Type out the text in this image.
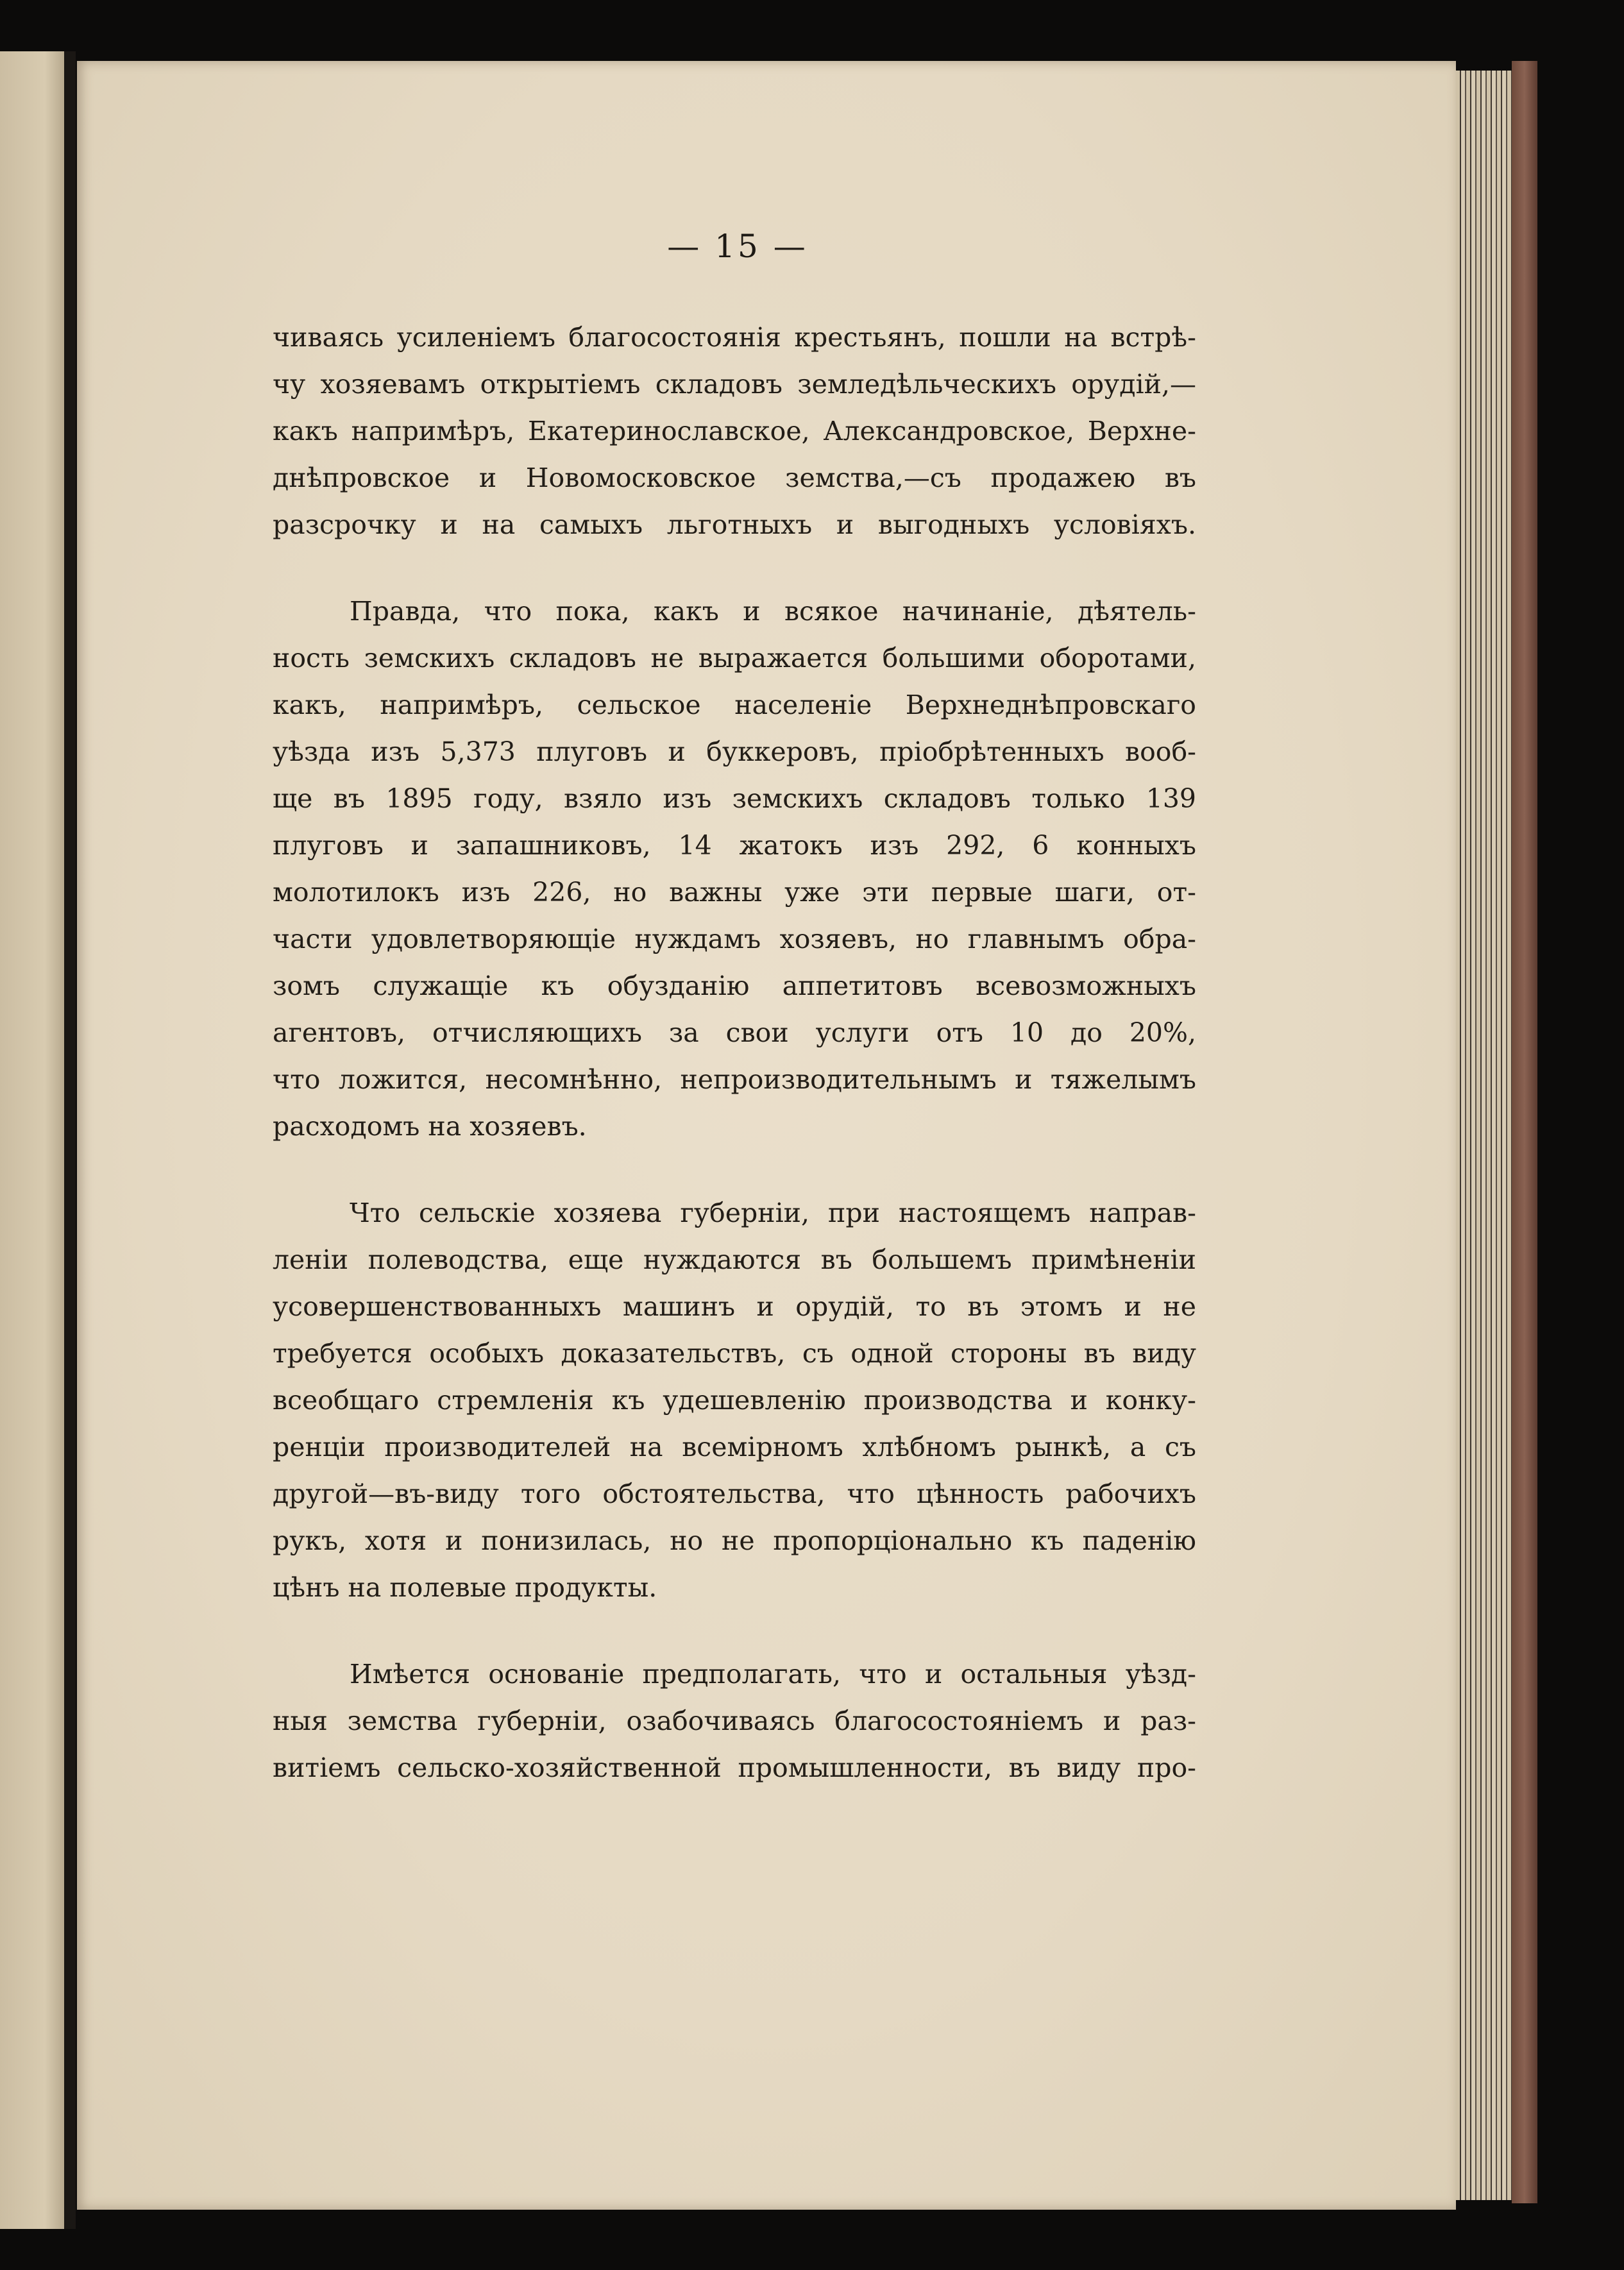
— 15 —
чиваясь усиленіемъ благосостоянія крестьянъ, пошли на встрѣ-
чу хозяевамъ открытіемъ складовъ земледѣльческихъ орудій,—
какъ напримѣръ, Екатеринославское, Александровское, Верхне-
днѣпровское и Новомосковское земства,—съ продажею въ
разсрочку и на самыхъ льготныхъ и выгодныхъ условіяхъ.
Правда, что пока, какъ и всякое начинаніе, дѣятель-
ность земскихъ складовъ не выражается большими оборотами,
какъ, напримѣръ, сельское населеніе Верхнеднѣпровскаго
уѣзда изъ 5,373 плуговъ и буккеровъ, пріобрѣтенныхъ вооб-
ще въ 1895 году, взяло изъ земскихъ складовъ только 139
плуговъ и запашниковъ, 14 жатокъ изъ 292, 6 конныхъ
молотилокъ изъ 226, но важны уже эти первые шаги, от-
части удовлетворяющіе нуждамъ хозяевъ, но главнымъ обра-
зомъ служащіе къ обузданію аппетитовъ всевозможныхъ
агентовъ, отчисляющихъ за свои услуги отъ 10 до 20%,
что ложится, несомнѣнно, непроизводительнымъ и тяжелымъ
расходомъ на хозяевъ.
Что сельскіе хозяева губерніи, при настоящемъ направ-
леніи полеводства, еще нуждаются въ большемъ примѣненіи
усовершенствованныхъ машинъ и орудій, то въ этомъ и не
требуется особыхъ доказательствъ, съ одной стороны въ виду
всеобщаго стремленія къ удешевленію производства и конку-
ренціи производителей на всемірномъ хлѣбномъ рынкѣ, а съ
другой—въ-виду того обстоятельства, что цѣнность рабочихъ
рукъ, хотя и понизилась, но не пропорціонально къ паденію
цѣнъ на полевые продукты.
Имѣется основаніе предполагать, что и остальныя уѣзд-
ныя земства губерніи, озабочиваясь благосостояніемъ и раз-
витіемъ сельско-хозяйственной промышленности, въ виду про-
